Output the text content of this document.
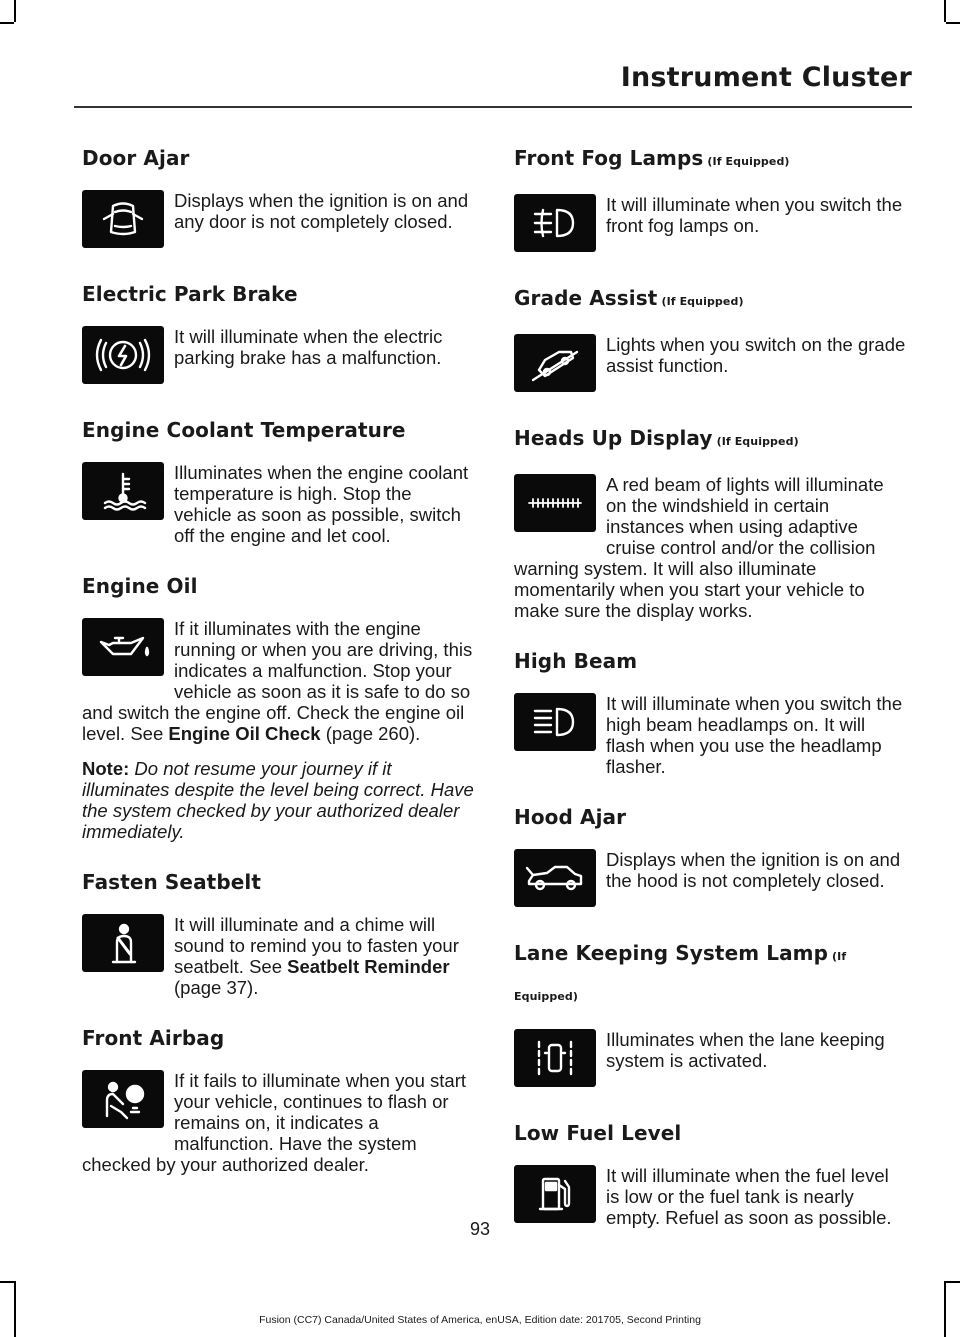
Instrument Cluster
Door Ajar

Displays when the ignition is on and any door is not completely closed.

Electric Park Brake

It will illuminate when the electric parking brake has a malfunction.

Engine Coolant Temperature

Illuminates when the engine coolant temperature is high. Stop the vehicle as soon as possible, switch off the engine and let cool.

Engine Oil

If it illuminates with the engine running or when you are driving, this indicates a malfunction. Stop your vehicle as soon as it is safe to do so and switch the engine off. Check the engine oil level. See Engine Oil Check (page 260).

Note: Do not resume your journey if it illuminates despite the level being correct. Have the system checked by your authorized dealer immediately.

Fasten Seatbelt

It will illuminate and a chime will sound to remind you to fasten your seatbelt. See Seatbelt Reminder (page 37).

Front Airbag

If it fails to illuminate when you start your vehicle, continues to flash or remains on, it indicates a malfunction. Have the system checked by your authorized dealer.

Front Fog Lamps (If Equipped)

It will illuminate when you switch the front fog lamps on.

Grade Assist (If Equipped)

Lights when you switch on the grade assist function.

Heads Up Display (If Equipped)

A red beam of lights will illuminate on the windshield in certain instances when using adaptive cruise control and/or the collision warning system. It will also illuminate momentarily when you start your vehicle to make sure the display works.

High Beam

It will illuminate when you switch the high beam headlamps on. It will flash when you use the headlamp flasher.

Hood Ajar

Displays when the ignition is on and the hood is not completely closed.

Lane Keeping System Lamp (If Equipped)

Illuminates when the lane keeping system is activated.

Low Fuel Level

It will illuminate when the fuel level is low or the fuel tank is nearly empty. Refuel as soon as possible.

93
Fusion (CC7) Canada/United States of America, enUSA, Edition date: 201705, Second Printing
